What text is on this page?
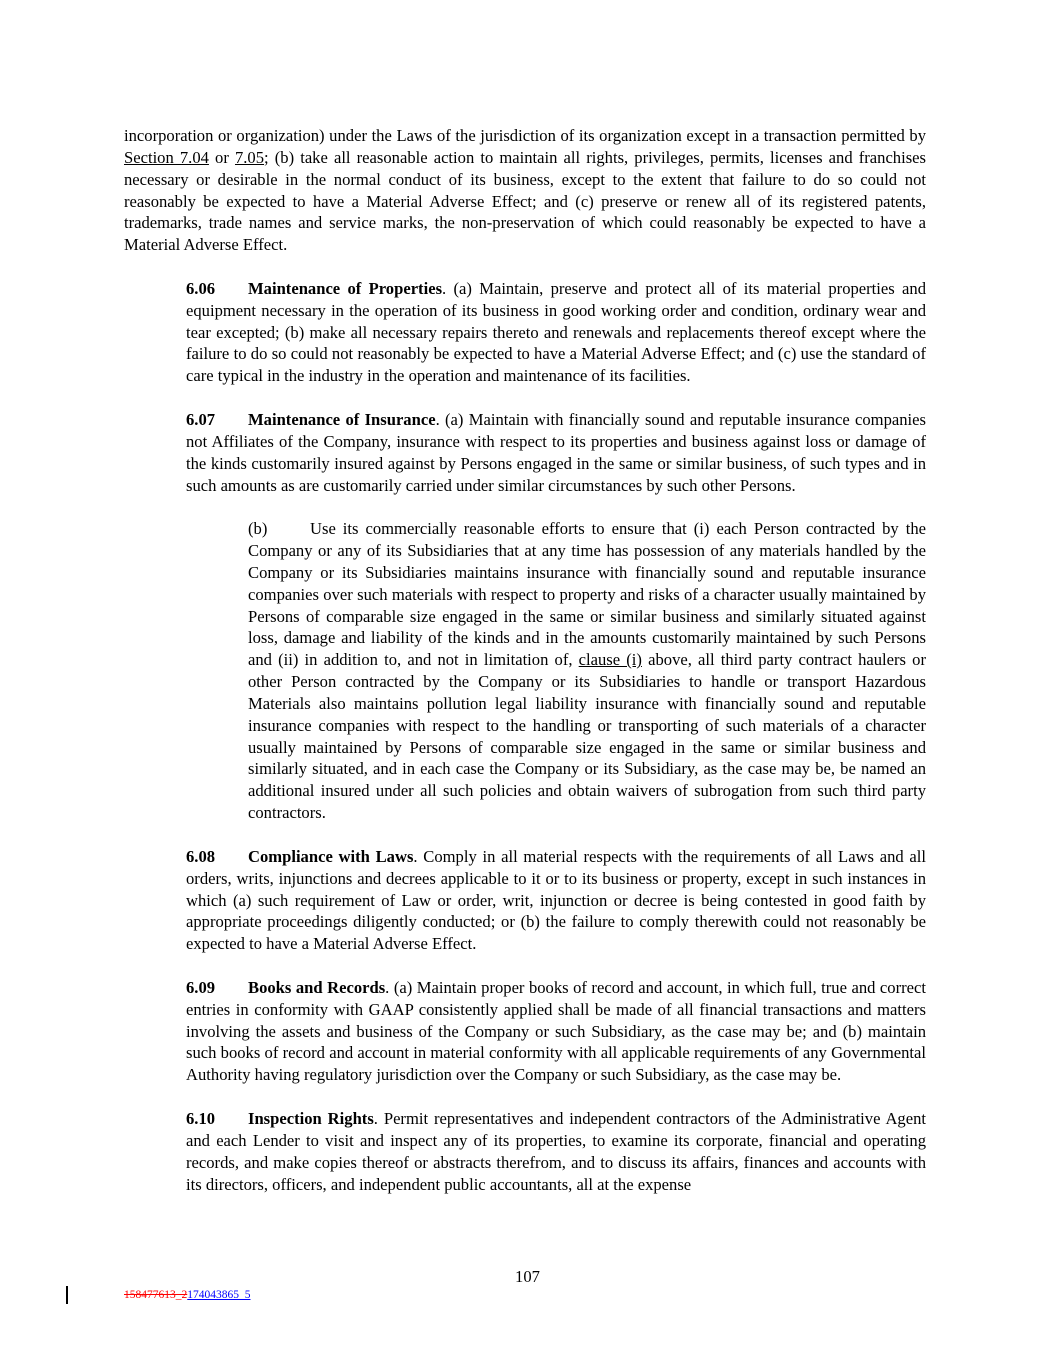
incorporation or organization) under the Laws of the jurisdiction of its organization except in a transaction permitted by Section 7.04 or 7.05; (b) take all reasonable action to maintain all rights, privileges, permits, licenses and franchises necessary or desirable in the normal conduct of its business, except to the extent that failure to do so could not reasonably be expected to have a Material Adverse Effect; and (c) preserve or renew all of its registered patents, trademarks, trade names and service marks, the non-preservation of which could reasonably be expected to have a Material Adverse Effect.

6.06 Maintenance of Properties. (a) Maintain, preserve and protect all of its material properties and equipment necessary in the operation of its business in good working order and condition, ordinary wear and tear excepted; (b) make all necessary repairs thereto and renewals and replacements thereof except where the failure to do so could not reasonably be expected to have a Material Adverse Effect; and (c) use the standard of care typical in the industry in the operation and maintenance of its facilities.

6.07 Maintenance of Insurance. (a) Maintain with financially sound and reputable insurance companies not Affiliates of the Company, insurance with respect to its properties and business against loss or damage of the kinds customarily insured against by Persons engaged in the same or similar business, of such types and in such amounts as are customarily carried under similar circumstances by such other Persons.

(b)	Use its commercially reasonable efforts to ensure that (i) each Person contracted by the Company or any of its Subsidiaries that at any time has possession of any materials handled by the Company or its Subsidiaries maintains insurance with financially sound and reputable insurance companies over such materials with respect to property and risks of a character usually maintained by Persons of comparable size engaged in the same or similar business and similarly situated against loss, damage and liability of the kinds and in the amounts customarily maintained by such Persons and (ii) in addition to, and not in limitation of, clause (i) above, all third party contract haulers or other Person contracted by the Company or its Subsidiaries to handle or transport Hazardous Materials also maintains pollution legal liability insurance with financially sound and reputable insurance companies with respect to the handling or transporting of such materials of a character usually maintained by Persons of comparable size engaged in the same or similar business and similarly situated, and in each case the Company or its Subsidiary, as the case may be, be named an additional insured under all such policies and obtain waivers of subrogation from such third party contractors.

6.08 Compliance with Laws. Comply in all material respects with the requirements of all Laws and all orders, writs, injunctions and decrees applicable to it or to its business or property, except in such instances in which (a) such requirement of Law or order, writ, injunction or decree is being contested in good faith by appropriate proceedings diligently conducted; or (b) the failure to comply therewith could not reasonably be expected to have a Material Adverse Effect.

6.09 Books and Records. (a) Maintain proper books of record and account, in which full, true and correct entries in conformity with GAAP consistently applied shall be made of all financial transactions and matters involving the assets and business of the Company or such Subsidiary, as the case may be; and (b) maintain such books of record and account in material conformity with all applicable requirements of any Governmental Authority having regulatory jurisdiction over the Company or such Subsidiary, as the case may be.

6.10 Inspection Rights. Permit representatives and independent contractors of the Administrative Agent and each Lender to visit and inspect any of its properties, to examine its corporate, financial and operating records, and make copies thereof or abstracts therefrom, and to discuss its affairs, finances and accounts with its directors, officers, and independent public accountants, all at the expense

107
158477613_2174043865_5
